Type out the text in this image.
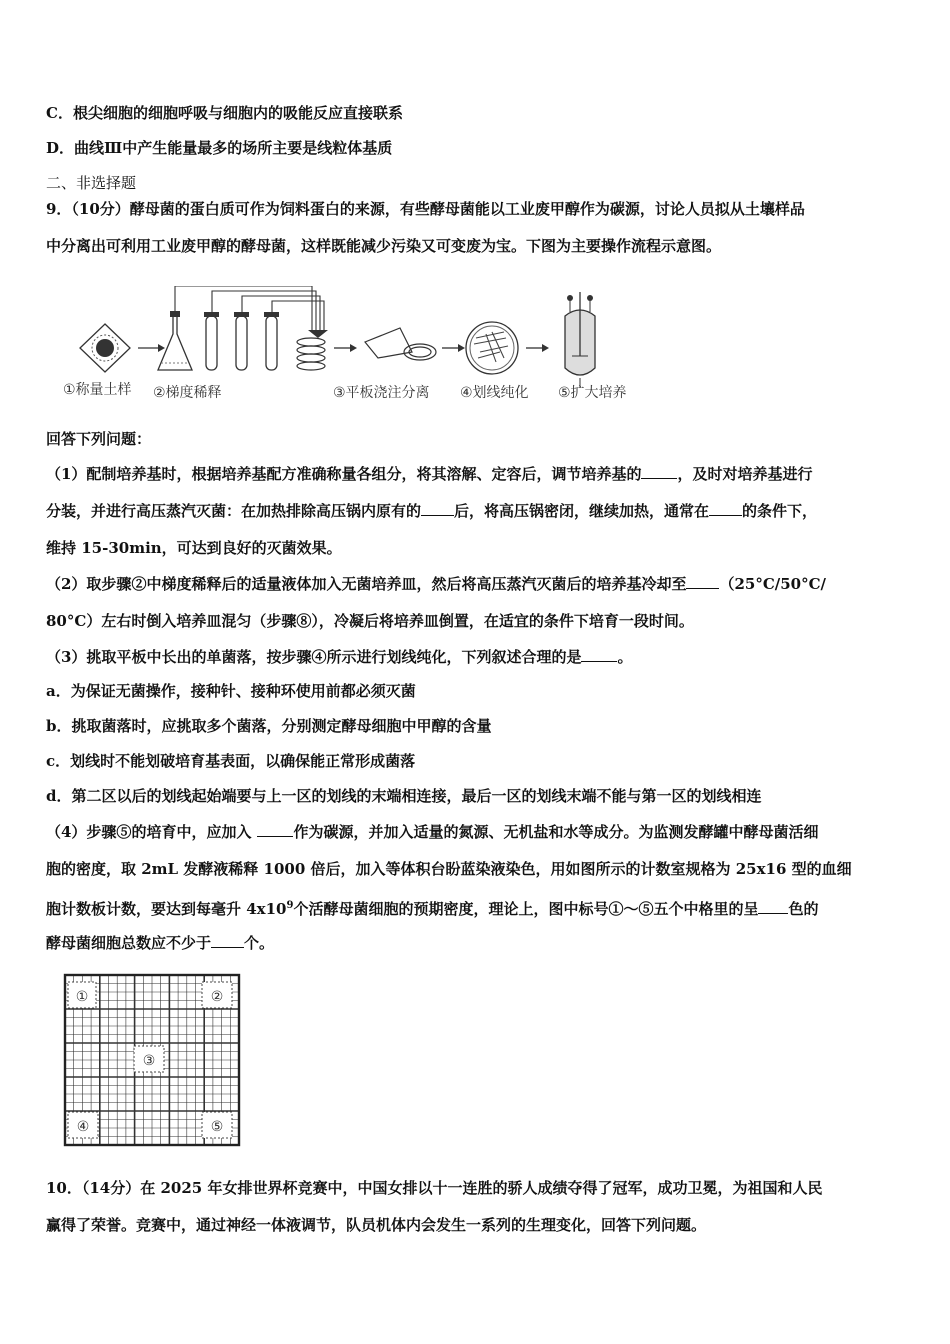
C．根尖细胞的细胞呼吸与细胞内的吸能反应直接联系
D．曲线Ⅲ中产生能量最多的场所主要是线粒体基质
二、非选择题
9．（10分）酵母菌的蛋白质可作为饲料蛋白的来源，有些酵母菌能以工业废甲醇作为碳源，讨论人员拟从土壤样品
中分离出可利用工业废甲醇的酵母菌，这样既能减少污染又可变废为宝。下图为主要操作流程示意图。
①称量土样 ②梯度稀释	③平板浇注分离 ④划线纯化 ⑤扩大培养
回答下列问题：
（1）配制培养基时，根据培养基配方准确称量各组分，将其溶解、定容后，调节培养基的 ，及时对培养基进行
分装，并进行高压蒸汽灭菌：在加热排除高压锅内原有的 后，将高压锅密闭，继续加热，通常在 的条件下，
维持 15-30min，可达到良好的灭菌效果。
（2）取步骤②中梯度稀释后的适量液体加入无菌培养皿，然后将高压蒸汽灭菌后的培养基冷却至 （25°C/50°C/
80°C）左右时倒入培养皿混匀（步骤⑧），冷凝后将培养皿倒置，在适宜的条件下培育一段时间。
（3）挑取平板中长出的单菌落，按步骤④所示进行划线纯化，下列叙述合理的是 。
a．为保证无菌操作，接种针、接种环使用前都必须灭菌
b．挑取菌落时，应挑取多个菌落，分别测定酵母细胞中甲醇的含量
c．划线时不能划破培育基表面，以确保能正常形成菌落
d．第二区以后的划线起始端要与上一区的划线的末端相连接，最后一区的划线末端不能与第一区的划线相连
（4）步骤⑤的培育中，应加入	作为碳源，并加入适量的氮源、无机盐和水等成分。为监测发酵罐中酵母菌活细
胞的密度，取 2mL 发酵液稀释 1000 倍后，加入等体积台盼蓝染液染色，用如图所示的计数室规格为 25x16 型的血细
胞计数板计数，要达到每毫升 $4x10^9$个活酵母菌细胞的预期密度，理论上，图中标号①～⑤五个中格里的呈 色的
酵母菌细胞总数应不少于 个。
①	②
③
④	⑤
10．（14分）在 2025 年女排世界杯竞赛中，中国女排以十一连胜的骄人成绩夺得了冠军，成功卫冕，为祖国和人民
赢得了荣誉。竞赛中，通过神经一体液调节，队员机体内会发生一系列的生理变化，回答下列问题。
